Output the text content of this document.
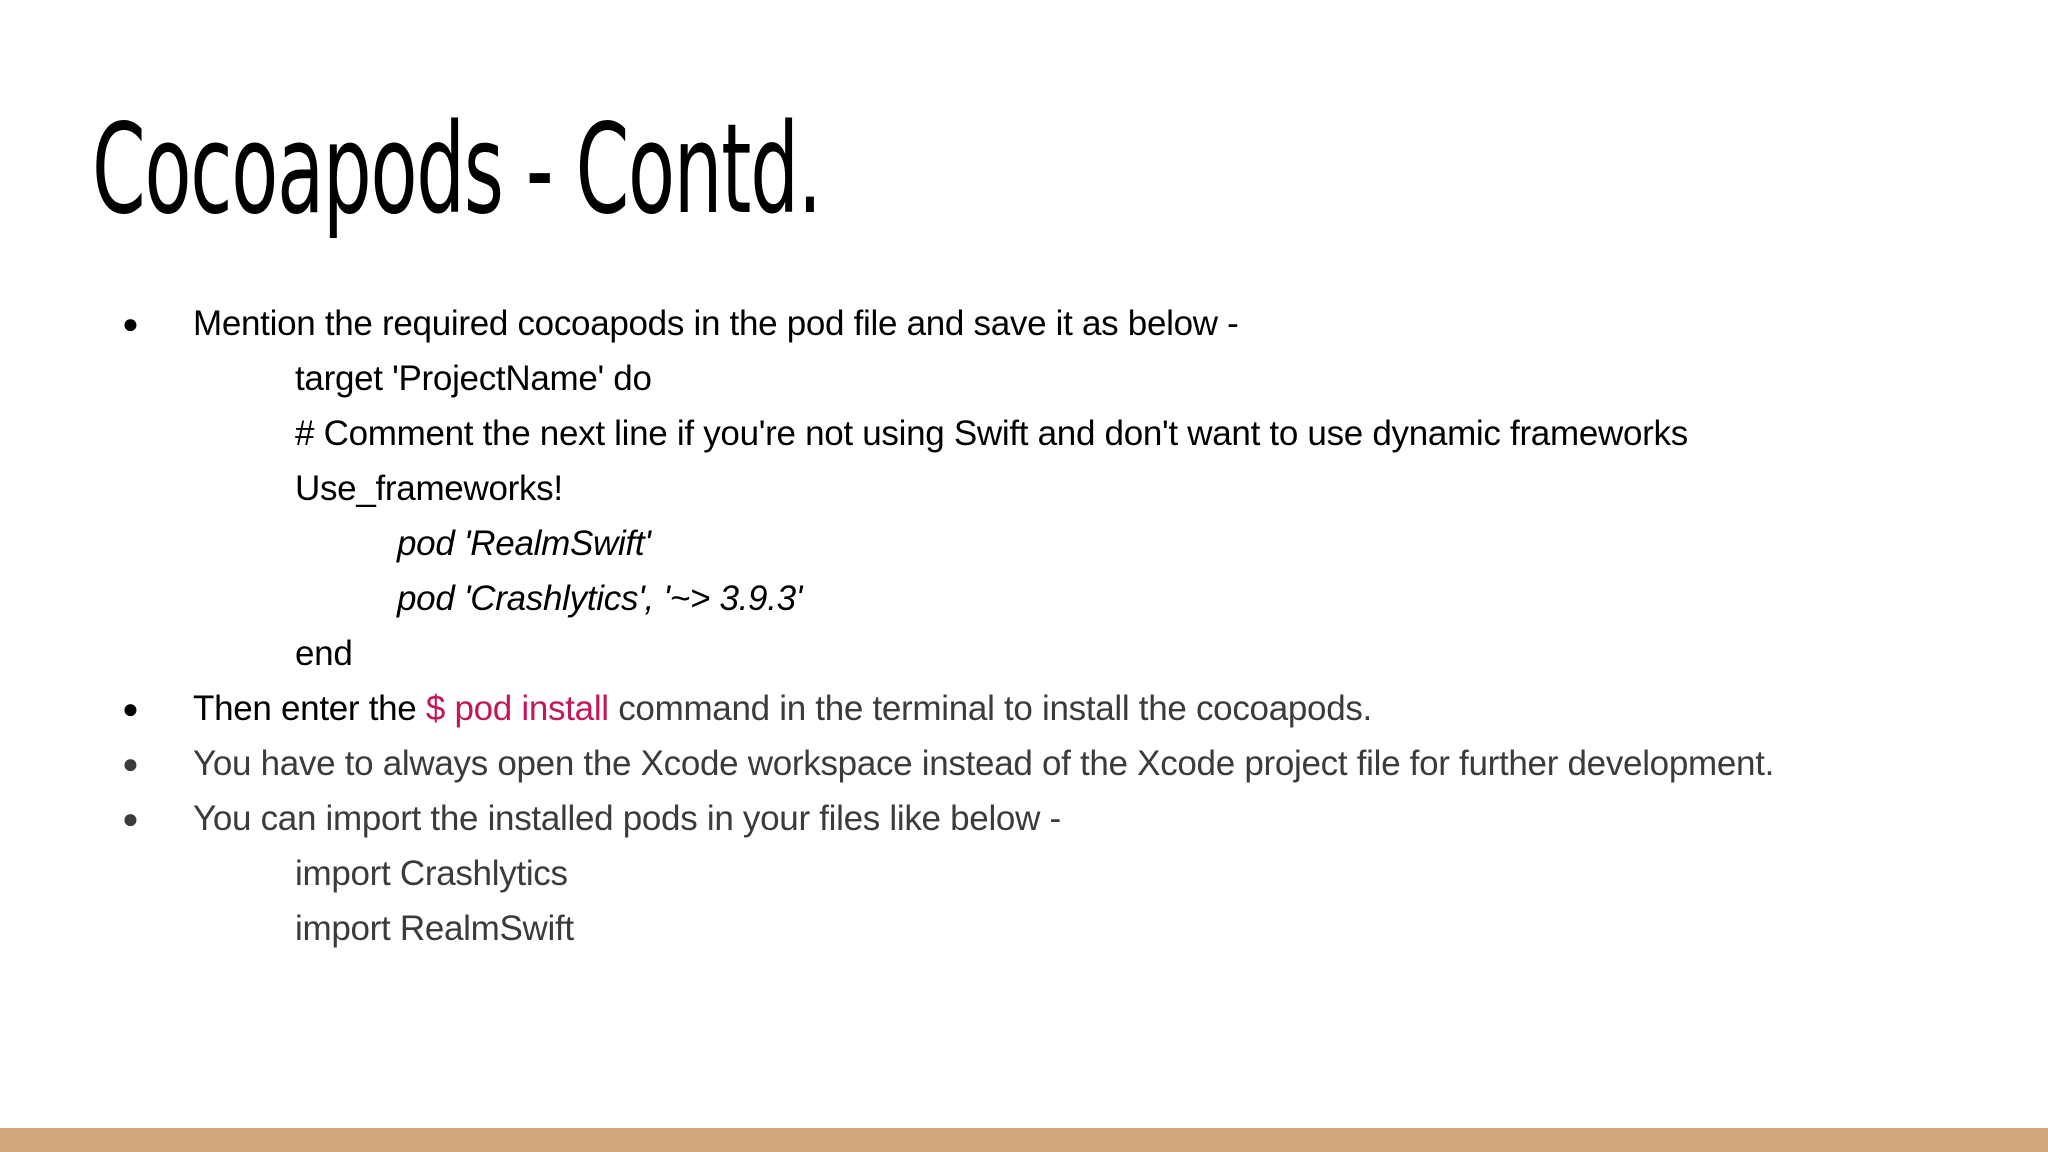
Cocoapods - Contd.
● Mention the required cocoapods in the pod file and save it as below -
target 'ProjectName' do
# Comment the next line if you're not using Swift and don't want to use dynamic frameworks
Use_frameworks!
pod 'RealmSwift'
pod 'Crashlytics', '~> 3.9.3'
end
● Then enter the $ pod install command in the terminal to install the cocoapods.
● You have to always open the Xcode workspace instead of the Xcode project file for further development.
● You can import the installed pods in your files like below -
import Crashlytics
import RealmSwift
